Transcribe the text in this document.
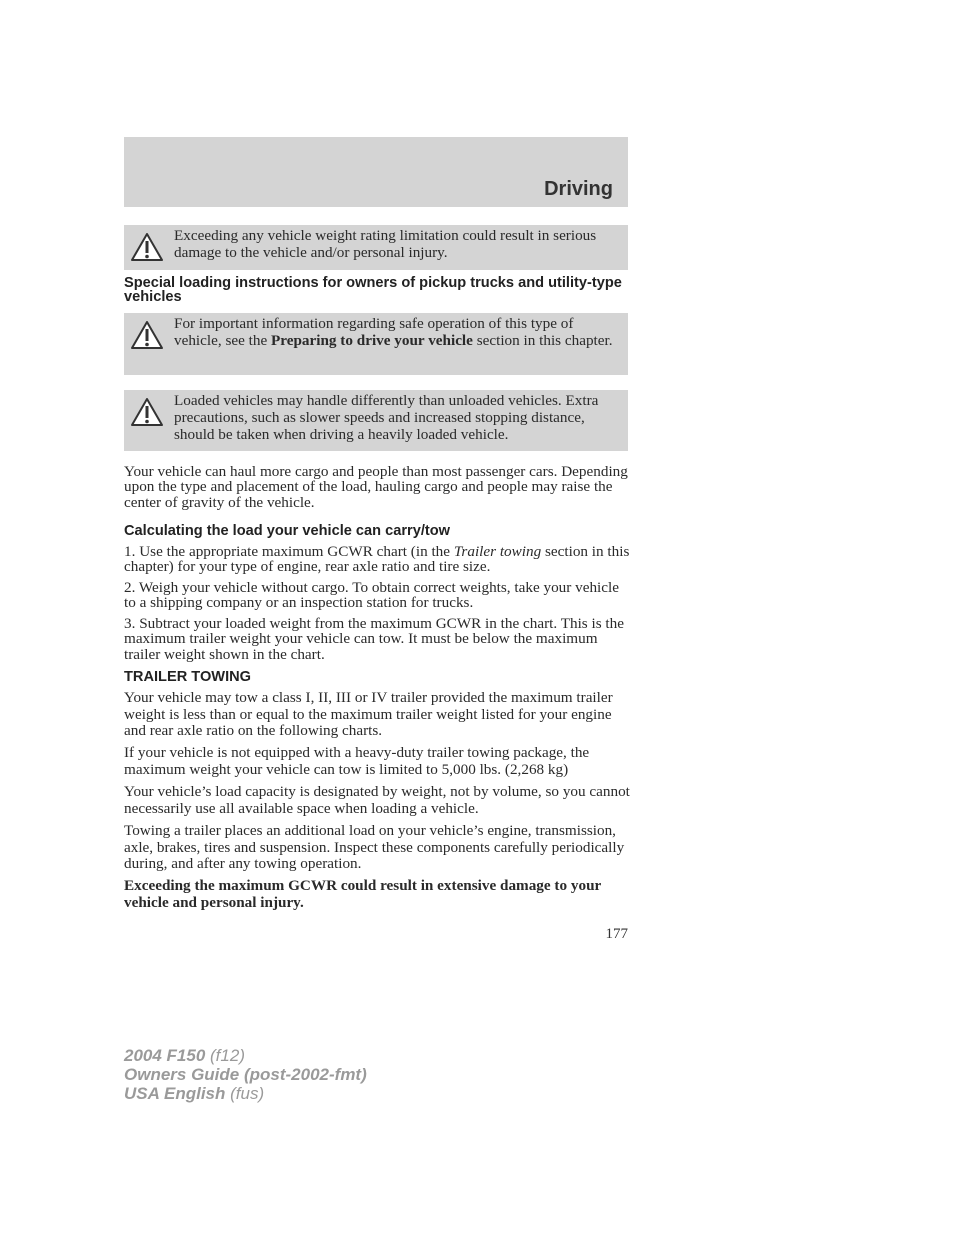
Driving
Exceeding any vehicle weight rating limitation could result in serious damage to the vehicle and/or personal injury.
Special loading instructions for owners of pickup trucks and utility-type vehicles
For important information regarding safe operation of this type of vehicle, see the Preparing to drive your vehicle section in this chapter.
Loaded vehicles may handle differently than unloaded vehicles. Extra precautions, such as slower speeds and increased stopping distance, should be taken when driving a heavily loaded vehicle.
Your vehicle can haul more cargo and people than most passenger cars. Depending upon the type and placement of the load, hauling cargo and people may raise the center of gravity of the vehicle.
Calculating the load your vehicle can carry/tow
1. Use the appropriate maximum GCWR chart (in the Trailer towing section in this chapter) for your type of engine, rear axle ratio and tire size.
2. Weigh your vehicle without cargo. To obtain correct weights, take your vehicle to a shipping company or an inspection station for trucks.
3. Subtract your loaded weight from the maximum GCWR in the chart. This is the maximum trailer weight your vehicle can tow. It must be below the maximum trailer weight shown in the chart.
TRAILER TOWING
Your vehicle may tow a class I, II, III or IV trailer provided the maximum trailer weight is less than or equal to the maximum trailer weight listed for your engine and rear axle ratio on the following charts.
If your vehicle is not equipped with a heavy-duty trailer towing package, the maximum weight your vehicle can tow is limited to 5,000 lbs. (2,268 kg)
Your vehicle’s load capacity is designated by weight, not by volume, so you cannot necessarily use all available space when loading a vehicle.
Towing a trailer places an additional load on your vehicle’s engine, transmission, axle, brakes, tires and suspension. Inspect these components carefully periodically during, and after any towing operation.
Exceeding the maximum GCWR could result in extensive damage to your vehicle and personal injury.
177
2004 F150 (f12)
Owners Guide (post-2002-fmt)
USA English (fus)
